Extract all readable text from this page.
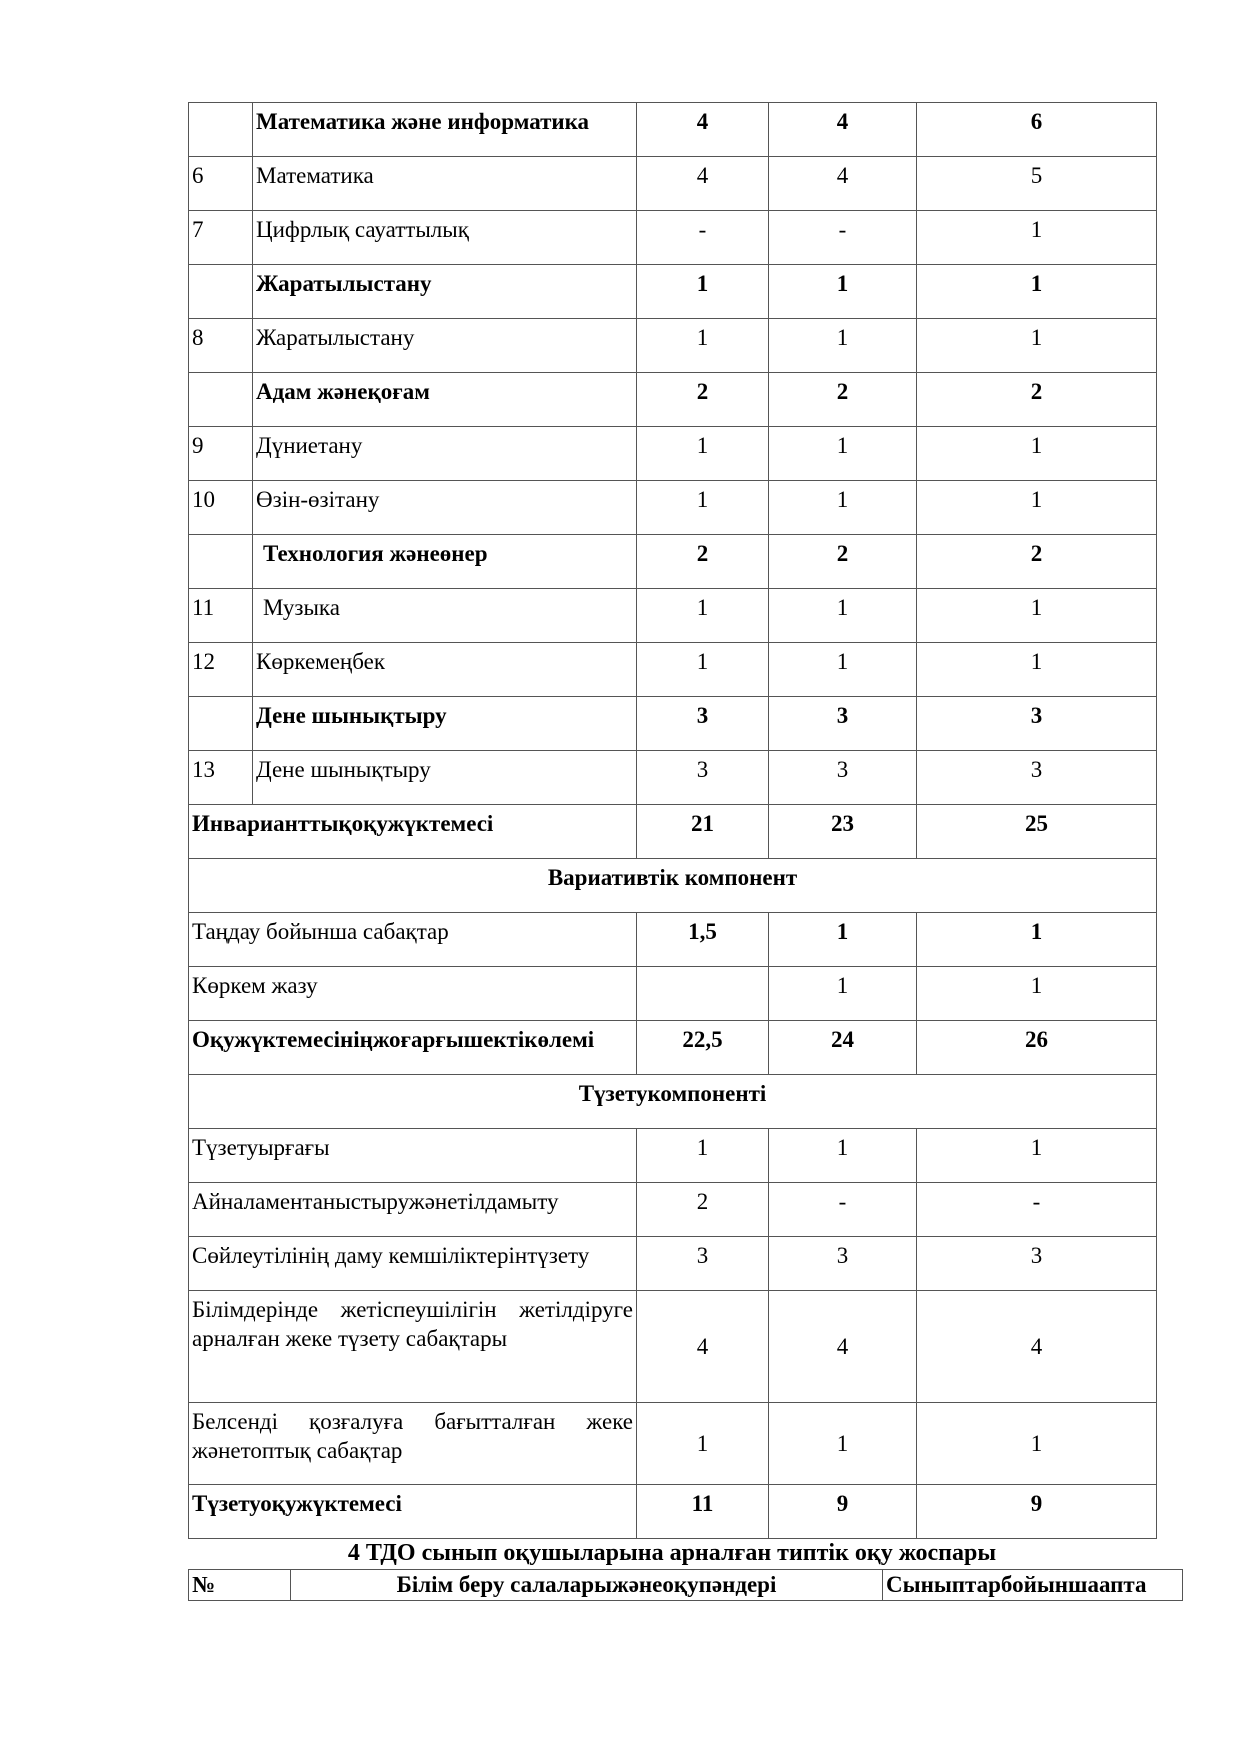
	Математика және информатика	4	4	6
6	Математика	4	4	5
7	Цифрлық сауаттылық	-	-	1
	Жаратылыстану	1	1	1
8	Жаратылыстану	1	1	1
	Адам жәнеқоғам	2	2	2
9	Дүниетану	1	1	1
10	Өзін-өзітану	1	1	1
	Технология жәнеөнер	2	2	2
11	Музыка	1	1	1
12	Көркемеңбек	1	1	1
	Дене шынықтыру	3	3	3
13	Дене шынықтыру	3	3	3
Инварианттықоқужүктемесі		21	23	25
Вариативтік компонент				
Таңдау бойынша сабақтар		1,5	1	1
Көркем жазу			1	1
Оқужүктемесініңжоғарғышектікөлемі		22,5	24	26
Түзетукомпоненті				
Түзетуырғағы		1	1	1
Айналаментаныстыружәнетілдамыту		2	-	-
Сөйлеутілінің даму кемшіліктерінтүзету		3	3	3
Білімдерінде жетіспеушілігін жетілдіруге арналған жеке түзету сабақтары		4	4	4
Белсенді қозғалуға бағытталған жеке жәнетоптық сабақтар		1	1	1
Түзетуоқужүктемесі		11	9	9
4 ТДО сынып оқушыларына арналған типтік оқу жоспары
№	Білім беру салаларыжәнеоқупәндері	Сыныптарбойыншаапта
